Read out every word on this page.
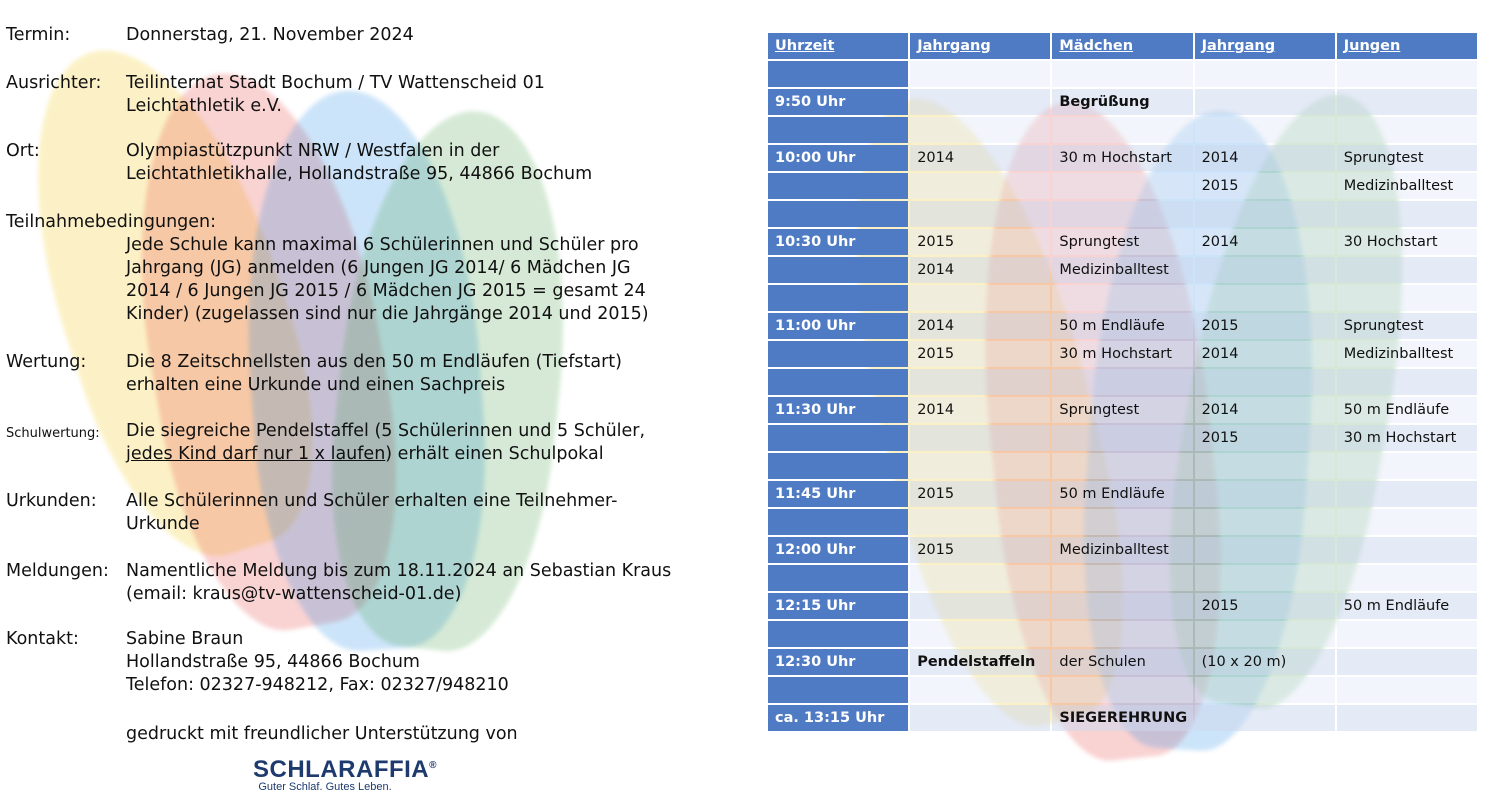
Termin:	Donnerstag, 21. November 2024
Ausrichter: Teilinternat Stadt Bochum / TV Wattenscheid 01
Leichtathletik e.V.
Ort:	Olympiastützpunkt NRW / Westfalen in der
Leichtathletikhalle, Hollandstraße 95, 44866 Bochum
Teilnahmebedingungen:
Jede Schule kann maximal 6 Schülerinnen und Schüler pro
Jahrgang (JG) anmelden (6 Jungen JG 2014/ 6 Mädchen JG
2014 / 6 Jungen JG 2015 / 6 Mädchen JG 2015 = gesamt 24
Kinder) (zugelassen sind nur die Jahrgänge 2014 und 2015)
Wertung: Die 8 Zeitschnellsten aus den 50 m Endläufen (Tiefstart)
erhalten eine Urkunde und einen Sachpreis
Schulwertung: Die siegreiche Pendelstaffel (5 Schülerinnen und 5 Schüler,
jedes Kind darf nur 1 x laufen) erhält einen Schulpokal
Urkunden: Alle Schülerinnen und Schüler erhalten eine Teilnehmer-
Urkunde
Meldungen: Namentliche Meldung bis zum 18.11.2024 an Sebastian Kraus
(email: kraus@tv-wattenscheid-01.de)
Kontakt:	Sabine Braun
Hollandstraße 95, 44866 Bochum
Telefon: 02327-948212, Fax: 02327/948210
gedruckt mit freundlicher Unterstützung von
SCHLARAFFIA®
Guter Schlaf. Gutes Leben.
Uhrzeit	Jahrgang	Mädchen	Jahrgang	Jungen

9:50 Uhr		Begrüßung		

10:00 Uhr	2014	30 m Hochstart	2014	Sprungtest
			2015	Medizinballtest

10:30 Uhr	2015	Sprungtest	2014	30 Hochstart
	2014	Medizinballtest		

11:00 Uhr	2014	50 m Endläufe	2015	Sprungtest
	2015	30 m Hochstart	2014	Medizinballtest

11:30 Uhr	2014	Sprungtest	2014	50 m Endläufe
			2015	30 m Hochstart

11:45 Uhr	2015	50 m Endläufe		

12:00 Uhr	2015	Medizinballtest		

12:15 Uhr			2015	50 m Endläufe

12:30 Uhr	Pendelstaffeln	der Schulen	(10 x 20 m)	

ca. 13:15 Uhr		SIEGEREHRUNG		
